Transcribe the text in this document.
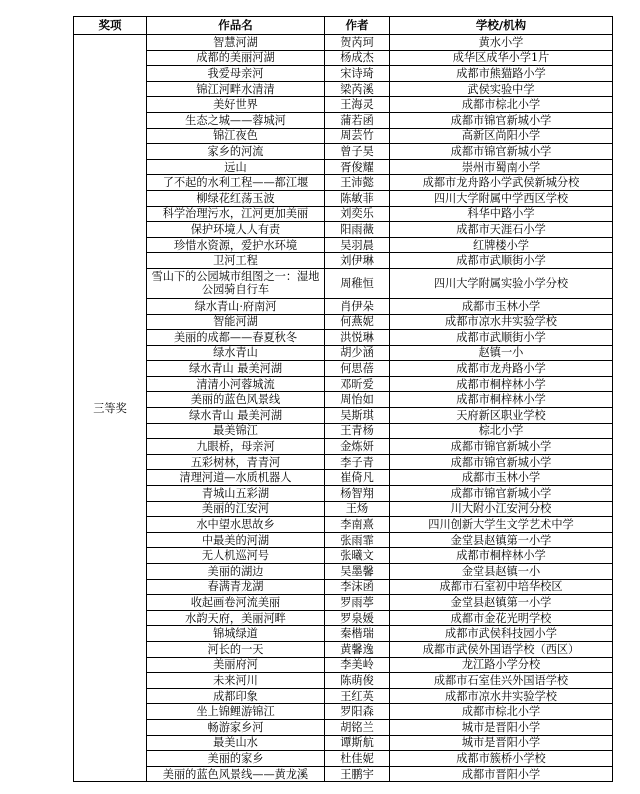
奖项	作品名	作者	学校/机构
三等奖	智慧河湖	贺芮珂	黄水小学
	成都的美丽河湖	杨成杰	成华区成华小学1片
	我爱母亲河	宋诗琦	成都市熊猫路小学
	锦江河畔水清清	梁芮溪	武侯实验中学
	美好世界	王海灵	成都市棕北小学
	生态之城——蓉城河	蒲若函	成都市锦官新城小学
	锦江夜色	周芸竹	高新区尚阳小学
	家乡的河流	曾子昊	成都市锦官新城小学
	远山	胥俊耀	崇州市蜀南小学
	了不起的水利工程——都江堰	王沛懿	成都市龙舟路小学武侯新城分校
	柳绿花红荡玉波	陈敏菲	四川大学附属中学西区学校
	科学治理污水，江河更加美丽	刘奕乐	科华中路小学
	保护环境人人有责	阳雨薇	成都市天涯石小学
	珍惜水资源，爱护水环境	吴羽晨	红牌楼小学
	卫河工程	刘伊琳	成都市武顺街小学
	雪山下的公园城市组图之一：湿地公园骑自行车	周稚恒	四川大学附属实验小学分校
	绿水青山·府南河	肖伊朵	成都市玉林小学
	智能河湖	何燕妮	成都市凉水井实验学校
	美丽的成都——春夏秋冬	洪悦琳	成都市武顺街小学
	绿水青山	胡少涵	赵镇一小
	绿水青山 最美河湖	何思蓓	成都市龙舟路小学
	清清小河蓉城流	邓昕爱	成都市桐梓林小学
	美丽的蓝色风景线	周怡如	成都市桐梓林小学
	绿水青山 最美河湖	吴斯琪	天府新区职业学校
	最美锦江	王青杨	棕北小学
	九眼桥，母亲河	金炼妍	成都市锦官新城小学
	五彩树林，青青河	李子青	成都市锦官新城小学
	清理河道—水质机器人	崔倚凡	成都市玉林小学
	青城山五彩湖	杨智翔	成都市锦官新城小学
	美丽的江安河	王炀	川大附小江安河分校
	水中望水思故乡	李南熹	四川创新大学生文学艺术中学
	中最美的河湖	张雨霏	金堂县赵镇第一小学
	无人机巡河号	张曦文	成都市桐梓林小学
	美丽的湖边	吴墨馨	金堂县赵镇一小
	春满青龙湖	李沫函	成都市石室初中培华校区
	收起画卷河流美丽	罗雨葶	金堂县赵镇第一小学
	水韵天府，美丽河畔	罗泉媛	成都市金花光明学校
	锦城绿道	秦楷瑞	成都市武侯科技园小学
	河长的一天	黄馨逸	成都市武侯外国语学校（西区）
	美丽府河	李美岭	龙江路小学分校
	未来河川	陈萌俊	成都市石室佳兴外国语学校
	成都印象	王红英	成都市凉水井实验学校
	坐上锦鲤游锦江	罗阳森	成都市棕北小学
	畅游家乡河	胡铭兰	城市是晋阳小学
	最美山水	谭斯航	城市是晋阳小学
	美丽的家乡	杜佳妮	成都市簇桥小学校
	美丽的蓝色风景线——黄龙溪	王鹏宇	成都市晋阳小学
